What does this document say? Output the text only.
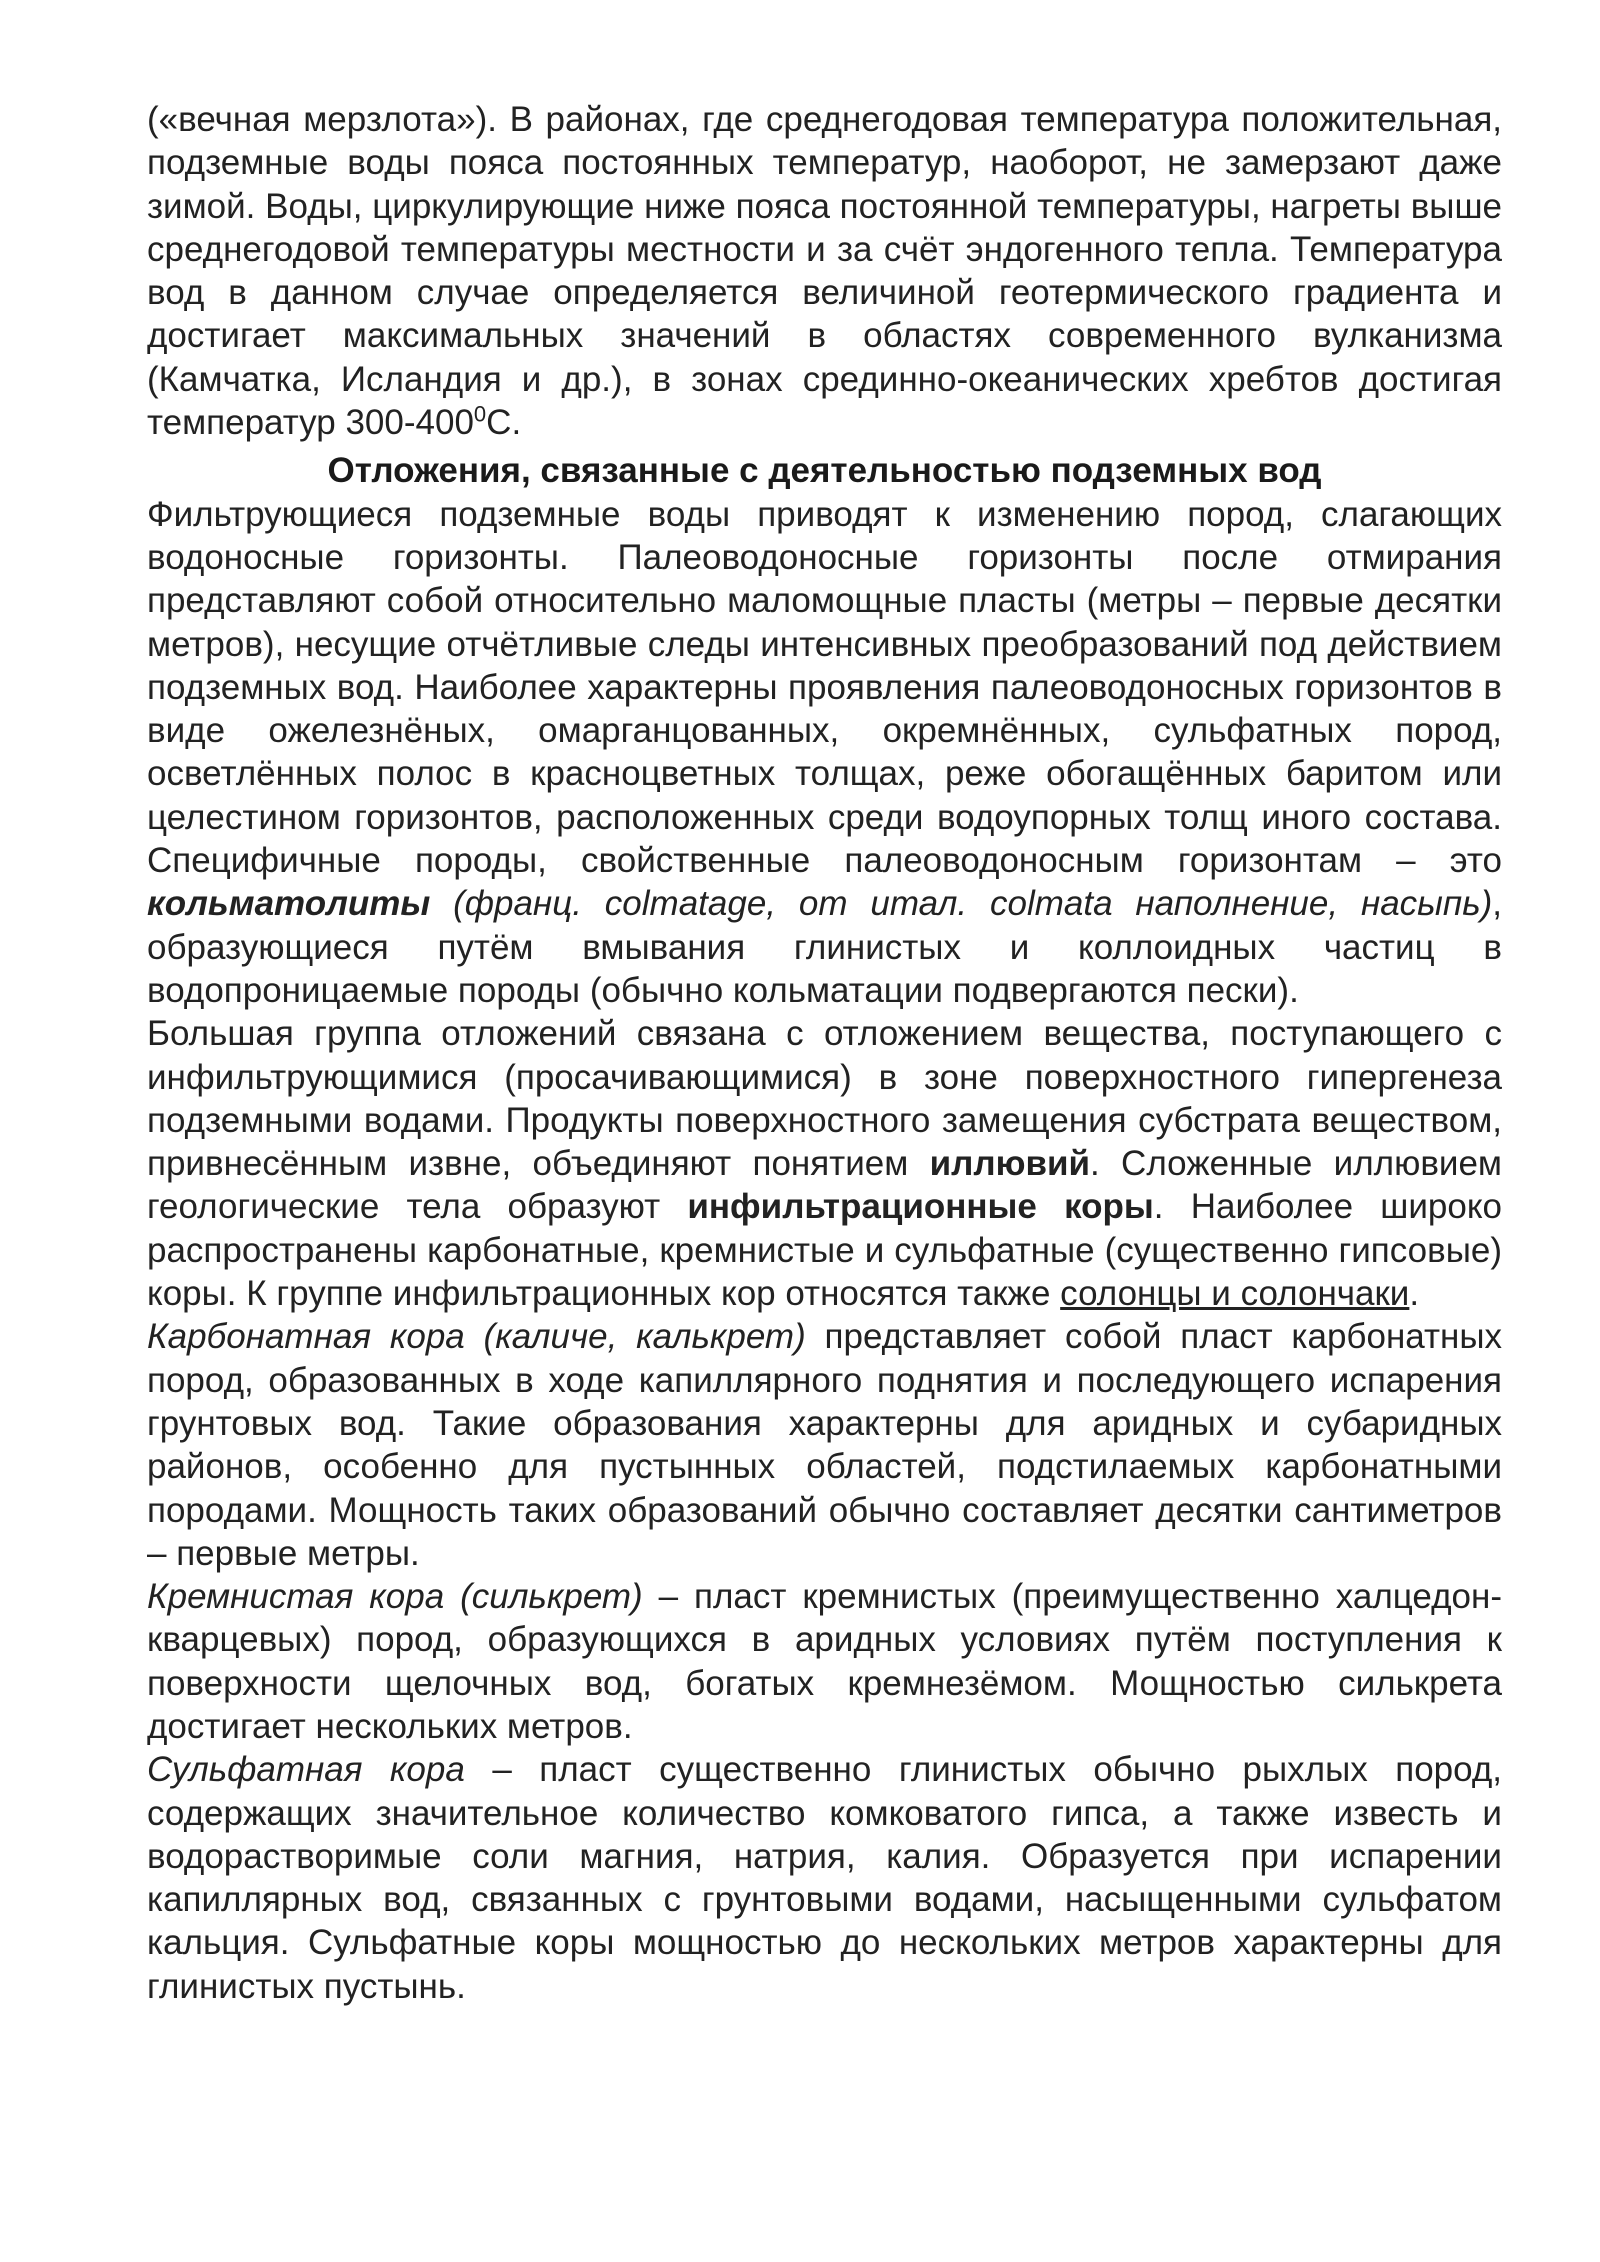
(«вечная мерзлота»). В районах, где среднегодовая температура положительная, подземные воды пояса постоянных температур, наоборот, не замерзают даже зимой. Воды, циркулирующие ниже пояса постоянной температуры, нагреты выше среднегодовой температуры местности и за счёт эндогенного тепла. Температура вод в данном случае определяется величиной геотермического градиента и достигает максимальных значений в областях современного вулканизма (Камчатка, Исландия и др.), в зонах срединно-океанических хребтов достигая температур $300-400^0С$.

Отложения, связанные с деятельностью подземных вод

Фильтрующиеся подземные воды приводят к изменению пород, слагающих водоносные горизонты. Палеоводоносные горизонты после отмирания представляют собой относительно маломощные пласты (метры – первые десятки метров), несущие отчётливые следы интенсивных преобразований под действием подземных вод. Наиболее характерны проявления палеоводоносных горизонтов в виде ожелезнёных, омарганцованных, окремнённых, сульфатных пород, осветлённых полос в красноцветных толщах, реже обогащённых баритом или целестином горизонтов, расположенных среди водоупорных толщ иного состава. Специфичные породы, свойственные палеоводоносным горизонтам – это кольматолиты (франц. colmatage, от итал. colmata наполнение, насыпь), образующиеся путём вмывания глинистых и коллоидных частиц в водопроницаемые породы (обычно кольматации подвергаются пески).

Большая группа отложений связана с отложением вещества, поступающего с инфильтрующимися (просачивающимися) в зоне поверхностного гипергенеза подземными водами. Продукты поверхностного замещения субстрата веществом, привнесённым извне, объединяют понятием иллювий. Сложенные иллювием геологические тела образуют инфильтрационные коры. Наиболее широко распространены карбонатные, кремнистые и сульфатные (существенно гипсовые) коры. К группе инфильтрационных кор относятся также солонцы и солончаки.

Карбонатная кора (каличе, калькрет) представляет собой пласт карбонатных пород, образованных в ходе капиллярного поднятия и последующего испарения грунтовых вод. Такие образования характерны для аридных и субаридных районов, особенно для пустынных областей, подстилаемых карбонатными породами. Мощность таких образований обычно составляет десятки сантиметров – первые метры.

Кремнистая кора (силькрет) – пласт кремнистых (преимущественно халцедон-кварцевых) пород, образующихся в аридных условиях путём поступления к поверхности щелочных вод, богатых кремнезёмом. Мощностью силькрета достигает нескольких метров.

Сульфатная кора – пласт существенно глинистых обычно рыхлых пород, содержащих значительное количество комковатого гипса, а также известь и водорастворимые соли магния, натрия, калия. Образуется при испарении капиллярных вод, связанных с грунтовыми водами, насыщенными сульфатом кальция. Сульфатные коры мощностью до нескольких метров характерны для глинистых пустынь.
